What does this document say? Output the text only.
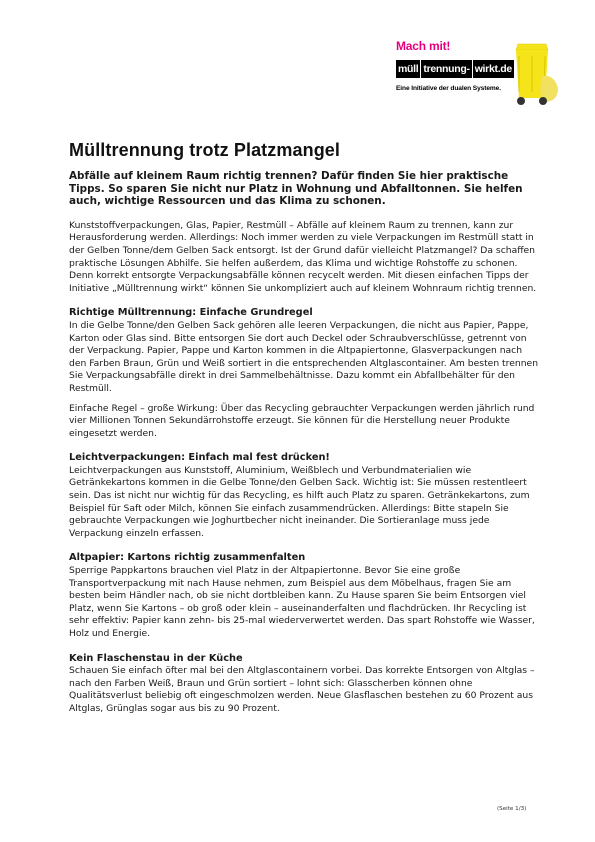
Mach mit!
müll trennung- wirkt.de
Eine Initiative der dualen Systeme.
Mülltrennung trotz Platzmangel

Abfälle auf kleinem Raum richtig trennen? Dafür finden Sie hier praktische Tipps. So sparen Sie nicht nur Platz in Wohnung und Abfalltonnen. Sie helfen auch, wichtige Ressourcen und das Klima zu schonen.

Kunststoffverpackungen, Glas, Papier, Restmüll – Abfälle auf kleinem Raum zu trennen, kann zur Herausforderung werden. Allerdings: Noch immer werden zu viele Verpackungen im Restmüll statt in der Gelben Tonne/dem Gelben Sack entsorgt. Ist der Grund dafür vielleicht Platzmangel? Da schaffen praktische Lösungen Abhilfe. Sie helfen außerdem, das Klima und wichtige Rohstoffe zu schonen. Denn korrekt entsorgte Verpackungsabfälle können recycelt werden. Mit diesen einfachen Tipps der Initiative „Mülltrennung wirkt“ können Sie unkompliziert auch auf kleinem Wohnraum richtig trennen.

Richtige Mülltrennung: Einfache Grundregel

In die Gelbe Tonne/den Gelben Sack gehören alle leeren Verpackungen, die nicht aus Papier, Pappe, Karton oder Glas sind. Bitte entsorgen Sie dort auch Deckel oder Schraubverschlüsse, getrennt von der Verpackung. Papier, Pappe und Karton kommen in die Altpapiertonne, Glasverpackungen nach den Farben Braun, Grün und Weiß sortiert in die entsprechenden Altglascontainer. Am besten trennen Sie Verpackungsabfälle direkt in drei Sammelbehältnisse. Dazu kommt ein Abfallbehälter für den Restmüll.

Einfache Regel – große Wirkung: Über das Recycling gebrauchter Verpackungen werden jährlich rund vier Millionen Tonnen Sekundärrohstoffe erzeugt. Sie können für die Herstellung neuer Produkte eingesetzt werden.

Leichtverpackungen: Einfach mal fest drücken!

Leichtverpackungen aus Kunststoff, Aluminium, Weißblech und Verbundmaterialien wie Getränkekartons kommen in die Gelbe Tonne/den Gelben Sack. Wichtig ist: Sie müssen restentleert sein. Das ist nicht nur wichtig für das Recycling, es hilft auch Platz zu sparen. Getränkekartons, zum Beispiel für Saft oder Milch, können Sie einfach zusammendrücken. Allerdings: Bitte stapeln Sie gebrauchte Verpackungen wie Joghurtbecher nicht ineinander. Die Sortieranlage muss jede Verpackung einzeln erfassen.

Altpapier: Kartons richtig zusammenfalten

Sperrige Pappkartons brauchen viel Platz in der Altpapiertonne. Bevor Sie eine große Transportverpackung mit nach Hause nehmen, zum Beispiel aus dem Möbelhaus, fragen Sie am besten beim Händler nach, ob sie nicht dortbleiben kann. Zu Hause sparen Sie beim Entsorgen viel Platz, wenn Sie Kartons – ob groß oder klein – auseinanderfalten und flachdrücken. Ihr Recycling ist sehr effektiv: Papier kann zehn- bis 25-mal wiederverwertet werden. Das spart Rohstoffe wie Wasser, Holz und Energie.

Kein Flaschenstau in der Küche

Schauen Sie einfach öfter mal bei den Altglascontainern vorbei. Das korrekte Entsorgen von Altglas – nach den Farben Weiß, Braun und Grün sortiert – lohnt sich: Glasscherben können ohne Qualitätsverlust beliebig oft eingeschmolzen werden. Neue Glasflaschen bestehen zu 60 Prozent aus Altglas, Grünglas sogar aus bis zu 90 Prozent.

(Seite 1/3)
